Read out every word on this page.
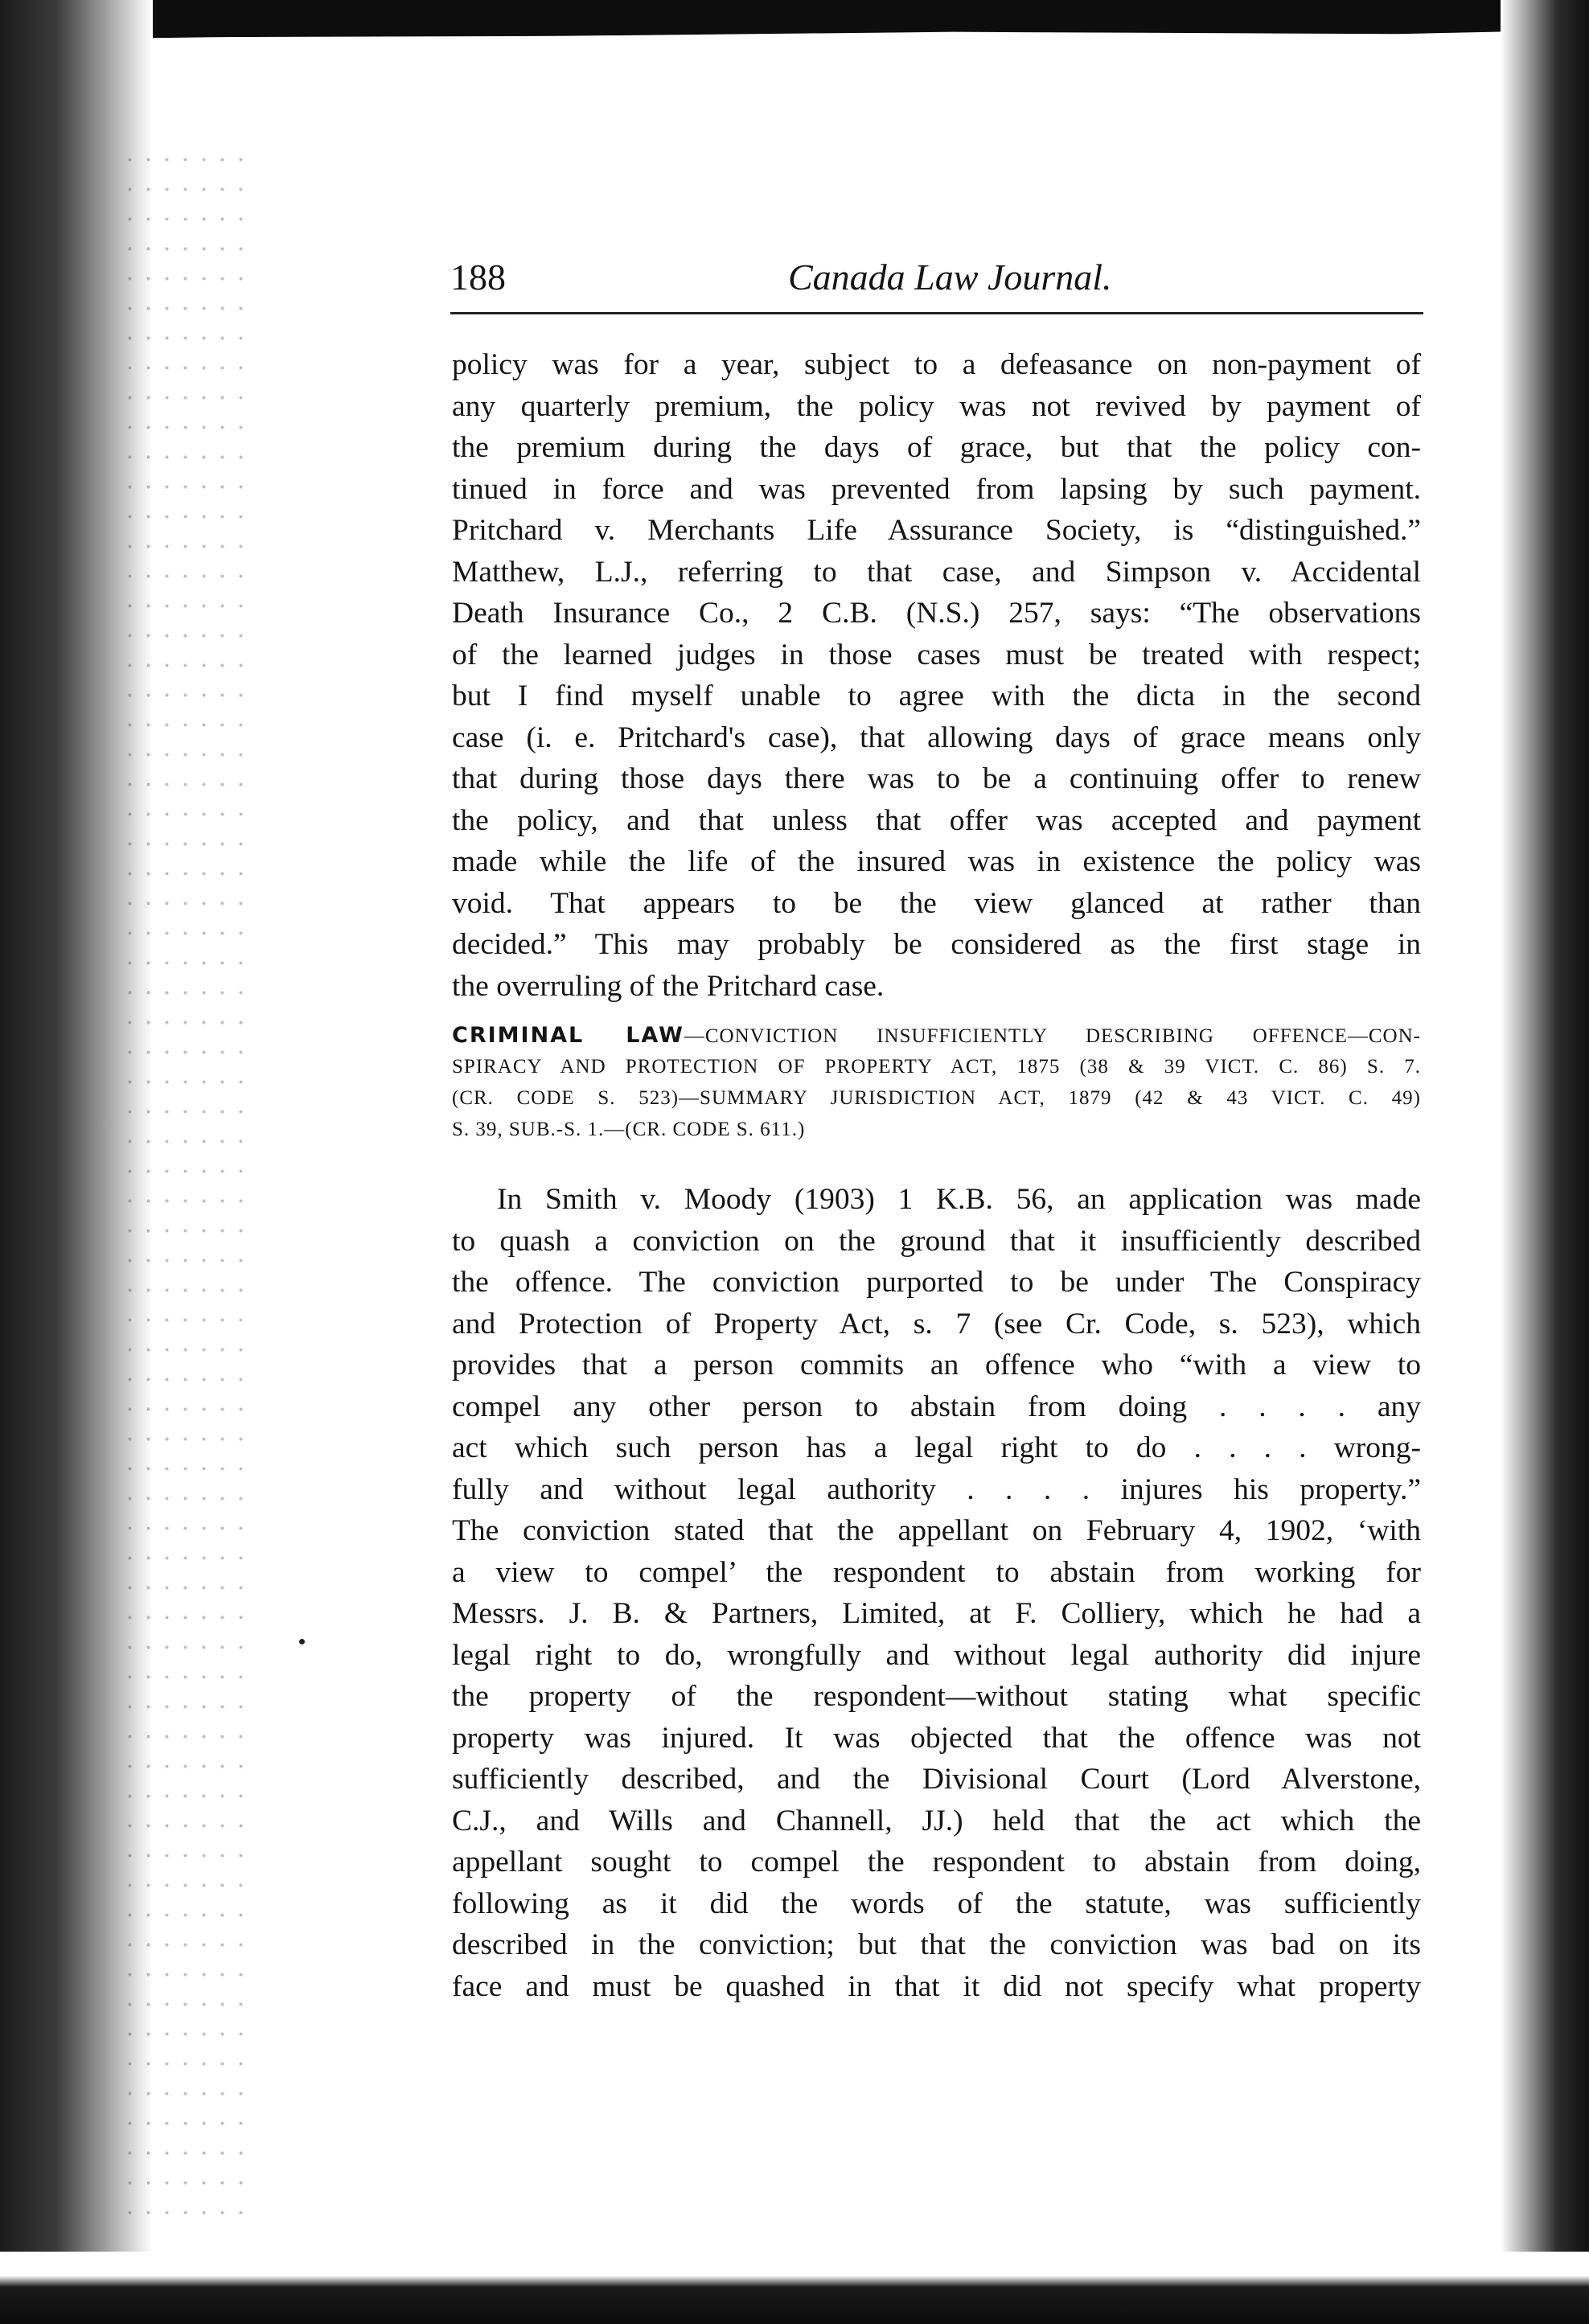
188	Canada Law Journal.
policy was for a year, subject to a defeasance on non-payment of
any quarterly premium, the policy was not revived by payment of
the premium during the days of grace, but that the policy con-
tinued in force and was prevented from lapsing by such payment.
Pritchard v. Merchants Life Assurance Society, is “distinguished.”
Matthew, L.J., referring to that case, and Simpson v. Accidental
Death Insurance Co., 2 C.B. (N.S.) 257, says: “The observations
of the learned judges in those cases must be treated with respect;
but I find myself unable to agree with the dicta in the second
case (i. e. Pritchard's case), that allowing days of grace means only
that during those days there was to be a continuing offer to renew
the policy, and that unless that offer was accepted and payment
made while the life of the insured was in existence the policy was
void. That appears to be the view glanced at rather than
decided.” This may probably be considered as the first stage in
the overruling of the Pritchard case.
CRIMINAL LAW—CONVICTION INSUFFICIENTLY DESCRIBING OFFENCE—CON-
SPIRACY AND PROTECTION OF PROPERTY ACT, 1875 (38 & 39 VICT. C. 86) S. 7.
(CR. CODE S. 523)—SUMMARY JURISDICTION ACT, 1879 (42 & 43 VICT. C. 49)
S. 39, SUB.-S. 1.—(CR. CODE S. 611.)
In Smith v. Moody (1903) 1 K.B. 56, an application was made
to quash a conviction on the ground that it insufficiently described
the offence. The conviction purported to be under The Conspiracy
and Protection of Property Act, s. 7 (see Cr. Code, s. 523), which
provides that a person commits an offence who “with a view to
compel any other person to abstain from doing . . . . any
act which such person has a legal right to do . . . . wrong-
fully and without legal authority . . . . injures his property.”
The conviction stated that the appellant on February 4, 1902, ‘with
a view to compel’ the respondent to abstain from working for
Messrs. J. B. & Partners, Limited, at F. Colliery, which he had a
legal right to do, wrongfully and without legal authority did injure
the property of the respondent—without stating what specific
property was injured. It was objected that the offence was not
sufficiently described, and the Divisional Court (Lord Alverstone,
C.J., and Wills and Channell, JJ.) held that the act which the
appellant sought to compel the respondent to abstain from doing,
following as it did the words of the statute, was sufficiently
described in the conviction; but that the conviction was bad on its
face and must be quashed in that it did not specify what property
